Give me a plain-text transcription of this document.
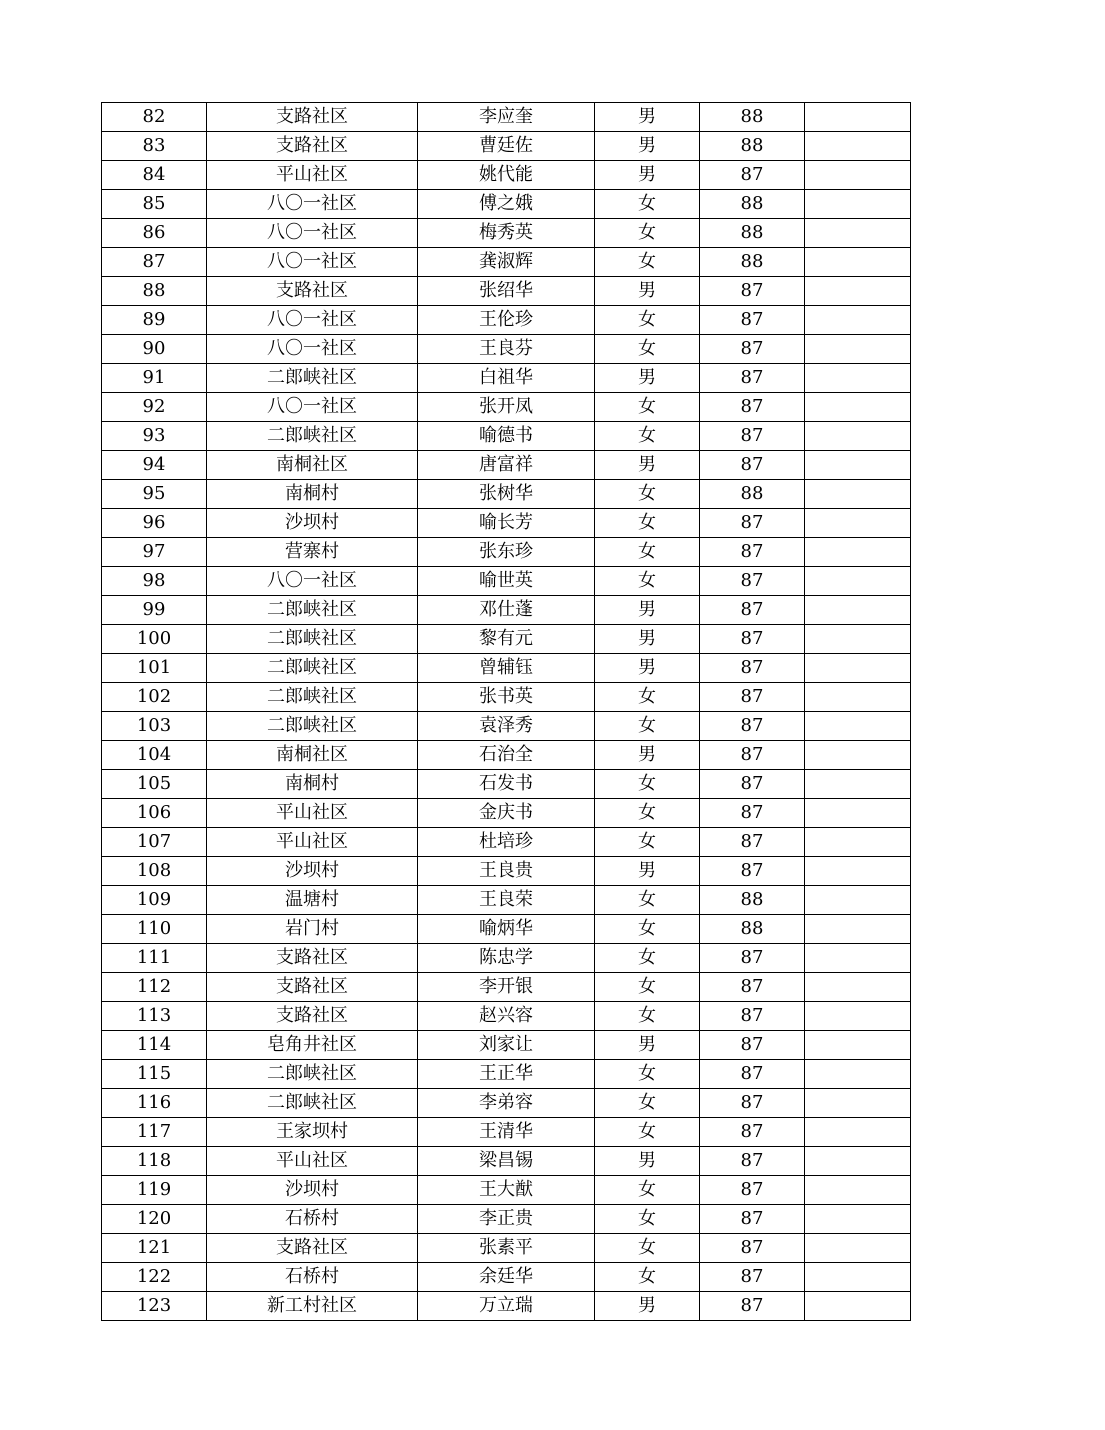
82	支路社区	李应奎	男	88	
83	支路社区	曹廷佐	男	88	
84	平山社区	姚代能	男	87	
85	八〇一社区	傅之娥	女	88	
86	八〇一社区	梅秀英	女	88	
87	八〇一社区	龚淑辉	女	88	
88	支路社区	张绍华	男	87	
89	八〇一社区	王伦珍	女	87	
90	八〇一社区	王良芬	女	87	
91	二郎峡社区	白祖华	男	87	
92	八〇一社区	张开凤	女	87	
93	二郎峡社区	喻德书	女	87	
94	南桐社区	唐富祥	男	87	
95	南桐村	张树华	女	88	
96	沙坝村	喻长芳	女	87	
97	营寨村	张东珍	女	87	
98	八〇一社区	喻世英	女	87	
99	二郎峡社区	邓仕蓬	男	87	
100	二郎峡社区	黎有元	男	87	
101	二郎峡社区	曾辅钰	男	87	
102	二郎峡社区	张书英	女	87	
103	二郎峡社区	袁泽秀	女	87	
104	南桐社区	石治全	男	87	
105	南桐村	石发书	女	87	
106	平山社区	金庆书	女	87	
107	平山社区	杜培珍	女	87	
108	沙坝村	王良贵	男	87	
109	温塘村	王良荣	女	88	
110	岩门村	喻炳华	女	88	
111	支路社区	陈忠学	女	87	
112	支路社区	李开银	女	87	
113	支路社区	赵兴容	女	87	
114	皂角井社区	刘家让	男	87	
115	二郎峡社区	王正华	女	87	
116	二郎峡社区	李弟容	女	87	
117	王家坝村	王清华	女	87	
118	平山社区	梁昌锡	男	87	
119	沙坝村	王大猷	女	87	
120	石桥村	李正贵	女	87	
121	支路社区	张素平	女	87	
122	石桥村	余廷华	女	87	
123	新工村社区	万立瑞	男	87	
